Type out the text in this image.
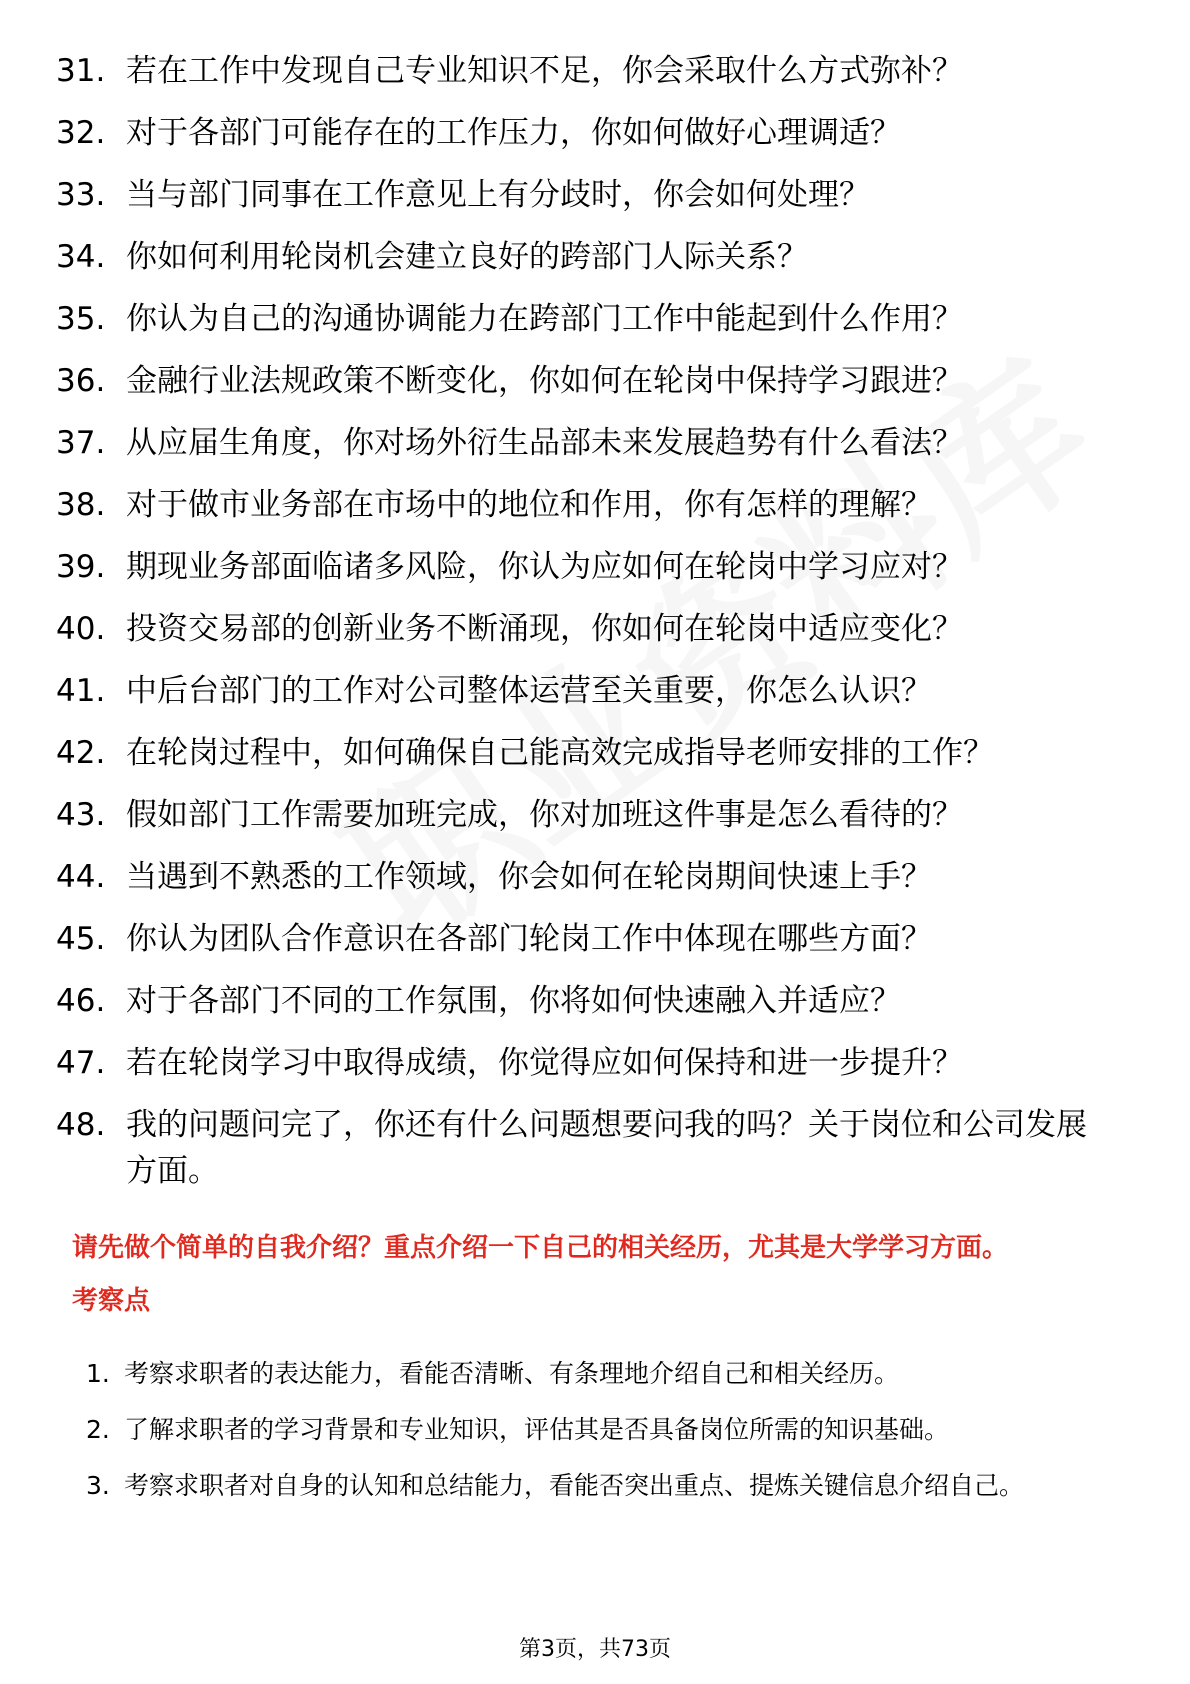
31. 若在工作中发现自己专业知识不足，你会采取什么方式弥补？
32. 对于各部门可能存在的工作压力，你如何做好心理调适？
33. 当与部门同事在工作意见上有分歧时，你会如何处理？
34. 你如何利用轮岗机会建立良好的跨部门人际关系？
35. 你认为自己的沟通协调能力在跨部门工作中能起到什么作用？
36. 金融行业法规政策不断变化，你如何在轮岗中保持学习跟进？
37. 从应届生角度，你对场外衍生品部未来发展趋势有什么看法？
38. 对于做市业务部在市场中的地位和作用，你有怎样的理解？
39. 期现业务部面临诸多风险，你认为应如何在轮岗中学习应对？
40. 投资交易部的创新业务不断涌现，你如何在轮岗中适应变化？
41. 中后台部门的工作对公司整体运营至关重要，你怎么认识？
42. 在轮岗过程中，如何确保自己能高效完成指导老师安排的工作？
43. 假如部门工作需要加班完成，你对加班这件事是怎么看待的？
44. 当遇到不熟悉的工作领域，你会如何在轮岗期间快速上手？
45. 你认为团队合作意识在各部门轮岗工作中体现在哪些方面？
46. 对于各部门不同的工作氛围，你将如何快速融入并适应？
47. 若在轮岗学习中取得成绩，你觉得应如何保持和进一步提升？
48. 我的问题问完了，你还有什么问题想要问我的吗？关于岗位和公司发展方面。
请先做个简单的自我介绍？重点介绍一下自己的相关经历，尤其是大学学习方面。
考察点
1. 考察求职者的表达能力，看能否清晰、有条理地介绍自己和相关经历。
2. 了解求职者的学习背景和专业知识，评估其是否具备岗位所需的知识基础。
3. 考察求职者对自身的认知和总结能力，看能否突出重点、提炼关键信息介绍自己。
第3页，共73页
